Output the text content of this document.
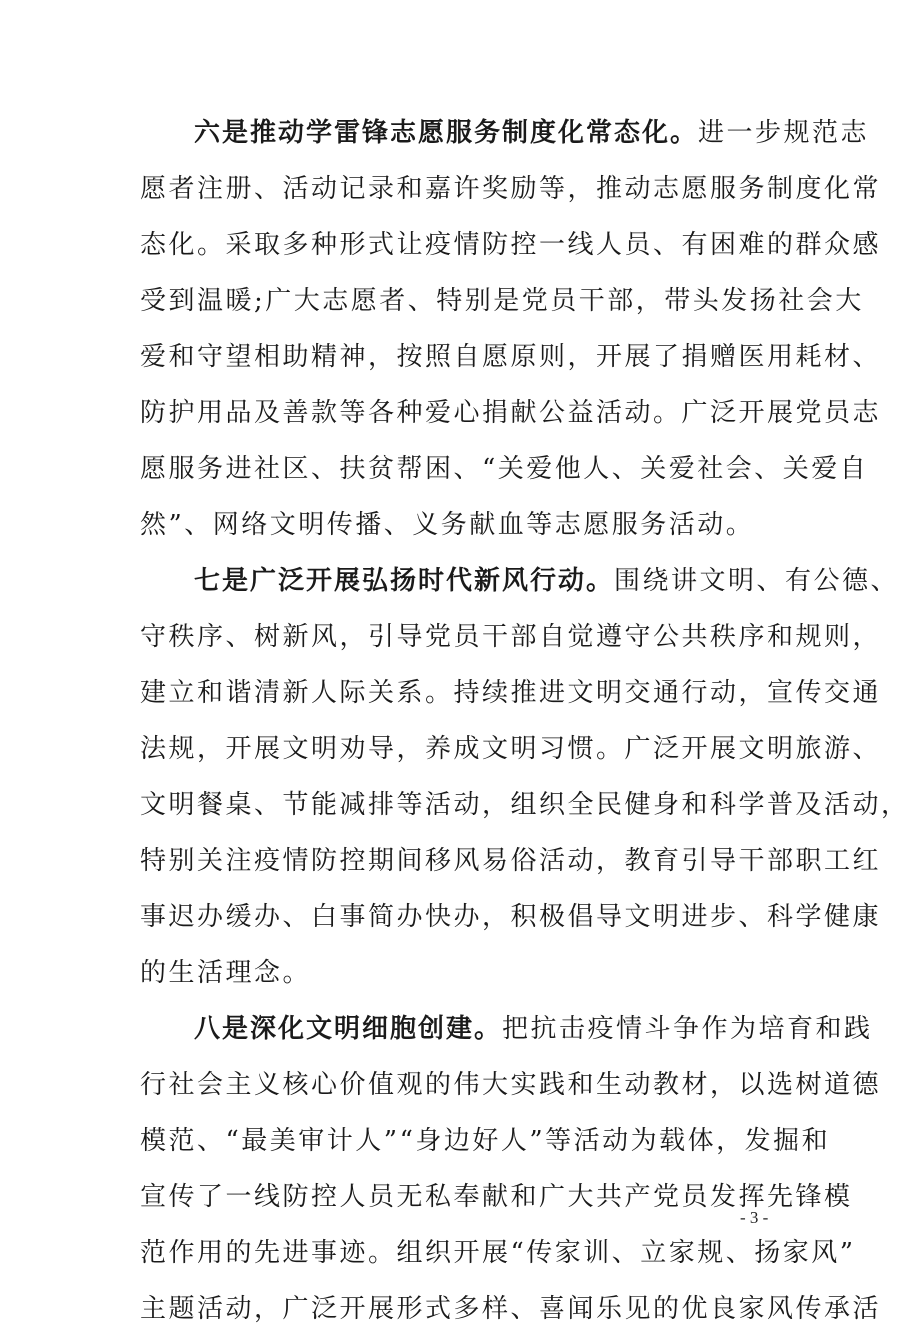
六是推动学雷锋志愿服务制度化常态化。进一步规范志
愿者注册、活动记录和嘉许奖励等，推动志愿服务制度化常
态化。采取多种形式让疫情防控一线人员、有困难的群众感
受到温暖;广大志愿者、特别是党员干部，带头发扬社会大
爱和守望相助精神，按照自愿原则，开展了捐赠医用耗材、
防护用品及善款等各种爱心捐献公益活动。广泛开展党员志
愿服务进社区、扶贫帮困、“关爱他人、关爱社会、关爱自
然”、网络文明传播、义务献血等志愿服务活动。
七是广泛开展弘扬时代新风行动。围绕讲文明、有公德、
守秩序、树新风，引导党员干部自觉遵守公共秩序和规则，
建立和谐清新人际关系。持续推进文明交通行动，宣传交通
法规，开展文明劝导，养成文明习惯。广泛开展文明旅游、
文明餐桌、节能减排等活动，组织全民健身和科学普及活动，
特别关注疫情防控期间移风易俗活动，教育引导干部职工红
事迟办缓办、白事简办快办，积极倡导文明进步、科学健康
的生活理念。
八是深化文明细胞创建。把抗击疫情斗争作为培育和践
行社会主义核心价值观的伟大实践和生动教材，以选树道德
模范、“最美审计人”“身边好人”等活动为载体，发掘和
宣传了一线防控人员无私奉献和广大共产党员发挥先锋模
范作用的先进事迹。组织开展“传家训、立家规、扬家风”
主题活动，广泛开展形式多样、喜闻乐见的优良家风传承活
- 3 -
